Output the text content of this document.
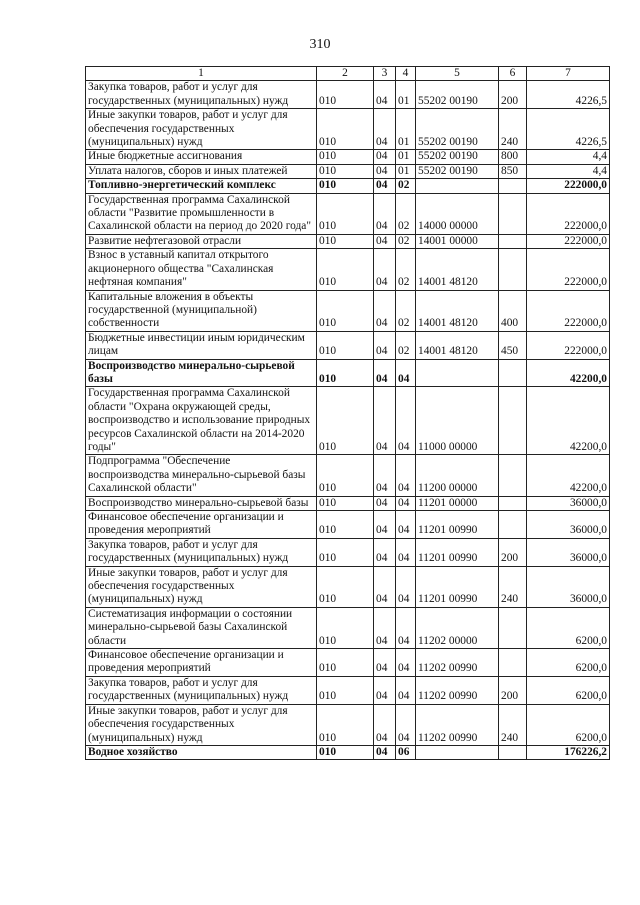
310
1	2	3	4	5	6	7
Закупка товаров, работ и услуг для государственных (муниципальных) нужд	010	04	01	55202 00190	200	4226,5
Иные закупки товаров, работ и услуг для обеспечения государственных (муниципальных) нужд	010	04	01	55202 00190	240	4226,5
Иные бюджетные ассигнования	010	04	01	55202 00190	800	4,4
Уплата налогов, сборов и иных платежей	010	04	01	55202 00190	850	4,4
Топливно-энергетический комплекс	010	04	02			222000,0
Государственная программа Сахалинской области "Развитие промышленности в Сахалинской области на период до 2020 года"	010	04	02	14000 00000		222000,0
Развитие нефтегазовой отрасли	010	04	02	14001 00000		222000,0
Взнос в уставный капитал открытого акционерного общества "Сахалинская нефтяная компания"	010	04	02	14001 48120		222000,0
Капитальные вложения в объекты государственной (муниципальной) собственности	010	04	02	14001 48120	400	222000,0
Бюджетные инвестиции иным юридическим лицам	010	04	02	14001 48120	450	222000,0
Воспроизводство минерально-сырьевой базы	010	04	04			42200,0
Государственная программа Сахалинской области "Охрана окружающей среды, воспроизводство и использование природных ресурсов Сахалинской области на 2014-2020 годы"	010	04	04	11000 00000		42200,0
Подпрограмма "Обеспечение воспроизводства минерально-сырьевой базы Сахалинской области"	010	04	04	11200 00000		42200,0
Воспроизводство минерально-сырьевой базы	010	04	04	11201 00000		36000,0
Финансовое обеспечение организации и проведения мероприятий	010	04	04	11201 00990		36000,0
Закупка товаров, работ и услуг для государственных (муниципальных) нужд	010	04	04	11201 00990	200	36000,0
Иные закупки товаров, работ и услуг для обеспечения государственных (муниципальных) нужд	010	04	04	11201 00990	240	36000,0
Систематизация информации о состоянии минерально-сырьевой базы Сахалинской области	010	04	04	11202 00000		6200,0
Финансовое обеспечение организации и проведения мероприятий	010	04	04	11202 00990		6200,0
Закупка товаров, работ и услуг для государственных (муниципальных) нужд	010	04	04	11202 00990	200	6200,0
Иные закупки товаров, работ и услуг для обеспечения государственных (муниципальных) нужд	010	04	04	11202 00990	240	6200,0
Водное хозяйство	010	04	06			176226,2
